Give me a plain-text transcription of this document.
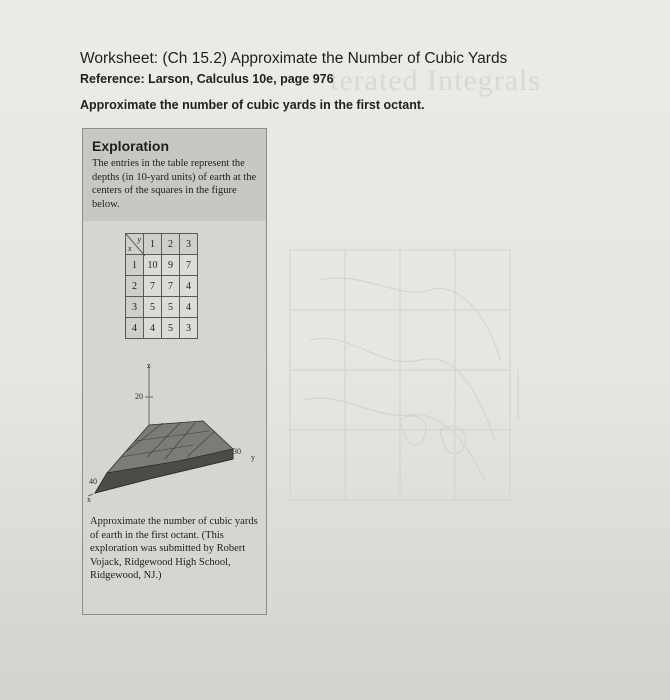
terated Integrals
Worksheet: (Ch 15.2) Approximate the Number of Cubic Yards
Reference: Larson, Calculus 10e, page 976
Approximate the number of cubic yards in the first octant.
Exploration
The entries in the table represent the depths (in 10-yard units) of earth at the centers of the squares in the figure below.
y
x	1	2	3
1	10	9	7
2	7	7	4
3	5	5	4
4	4	5	3
z
20
30
y
40
x
Approximate the number of cubic yards of earth in the first octant. (This exploration was submitted by Robert Vojack, Ridgewood High School, Ridgewood, NJ.)
